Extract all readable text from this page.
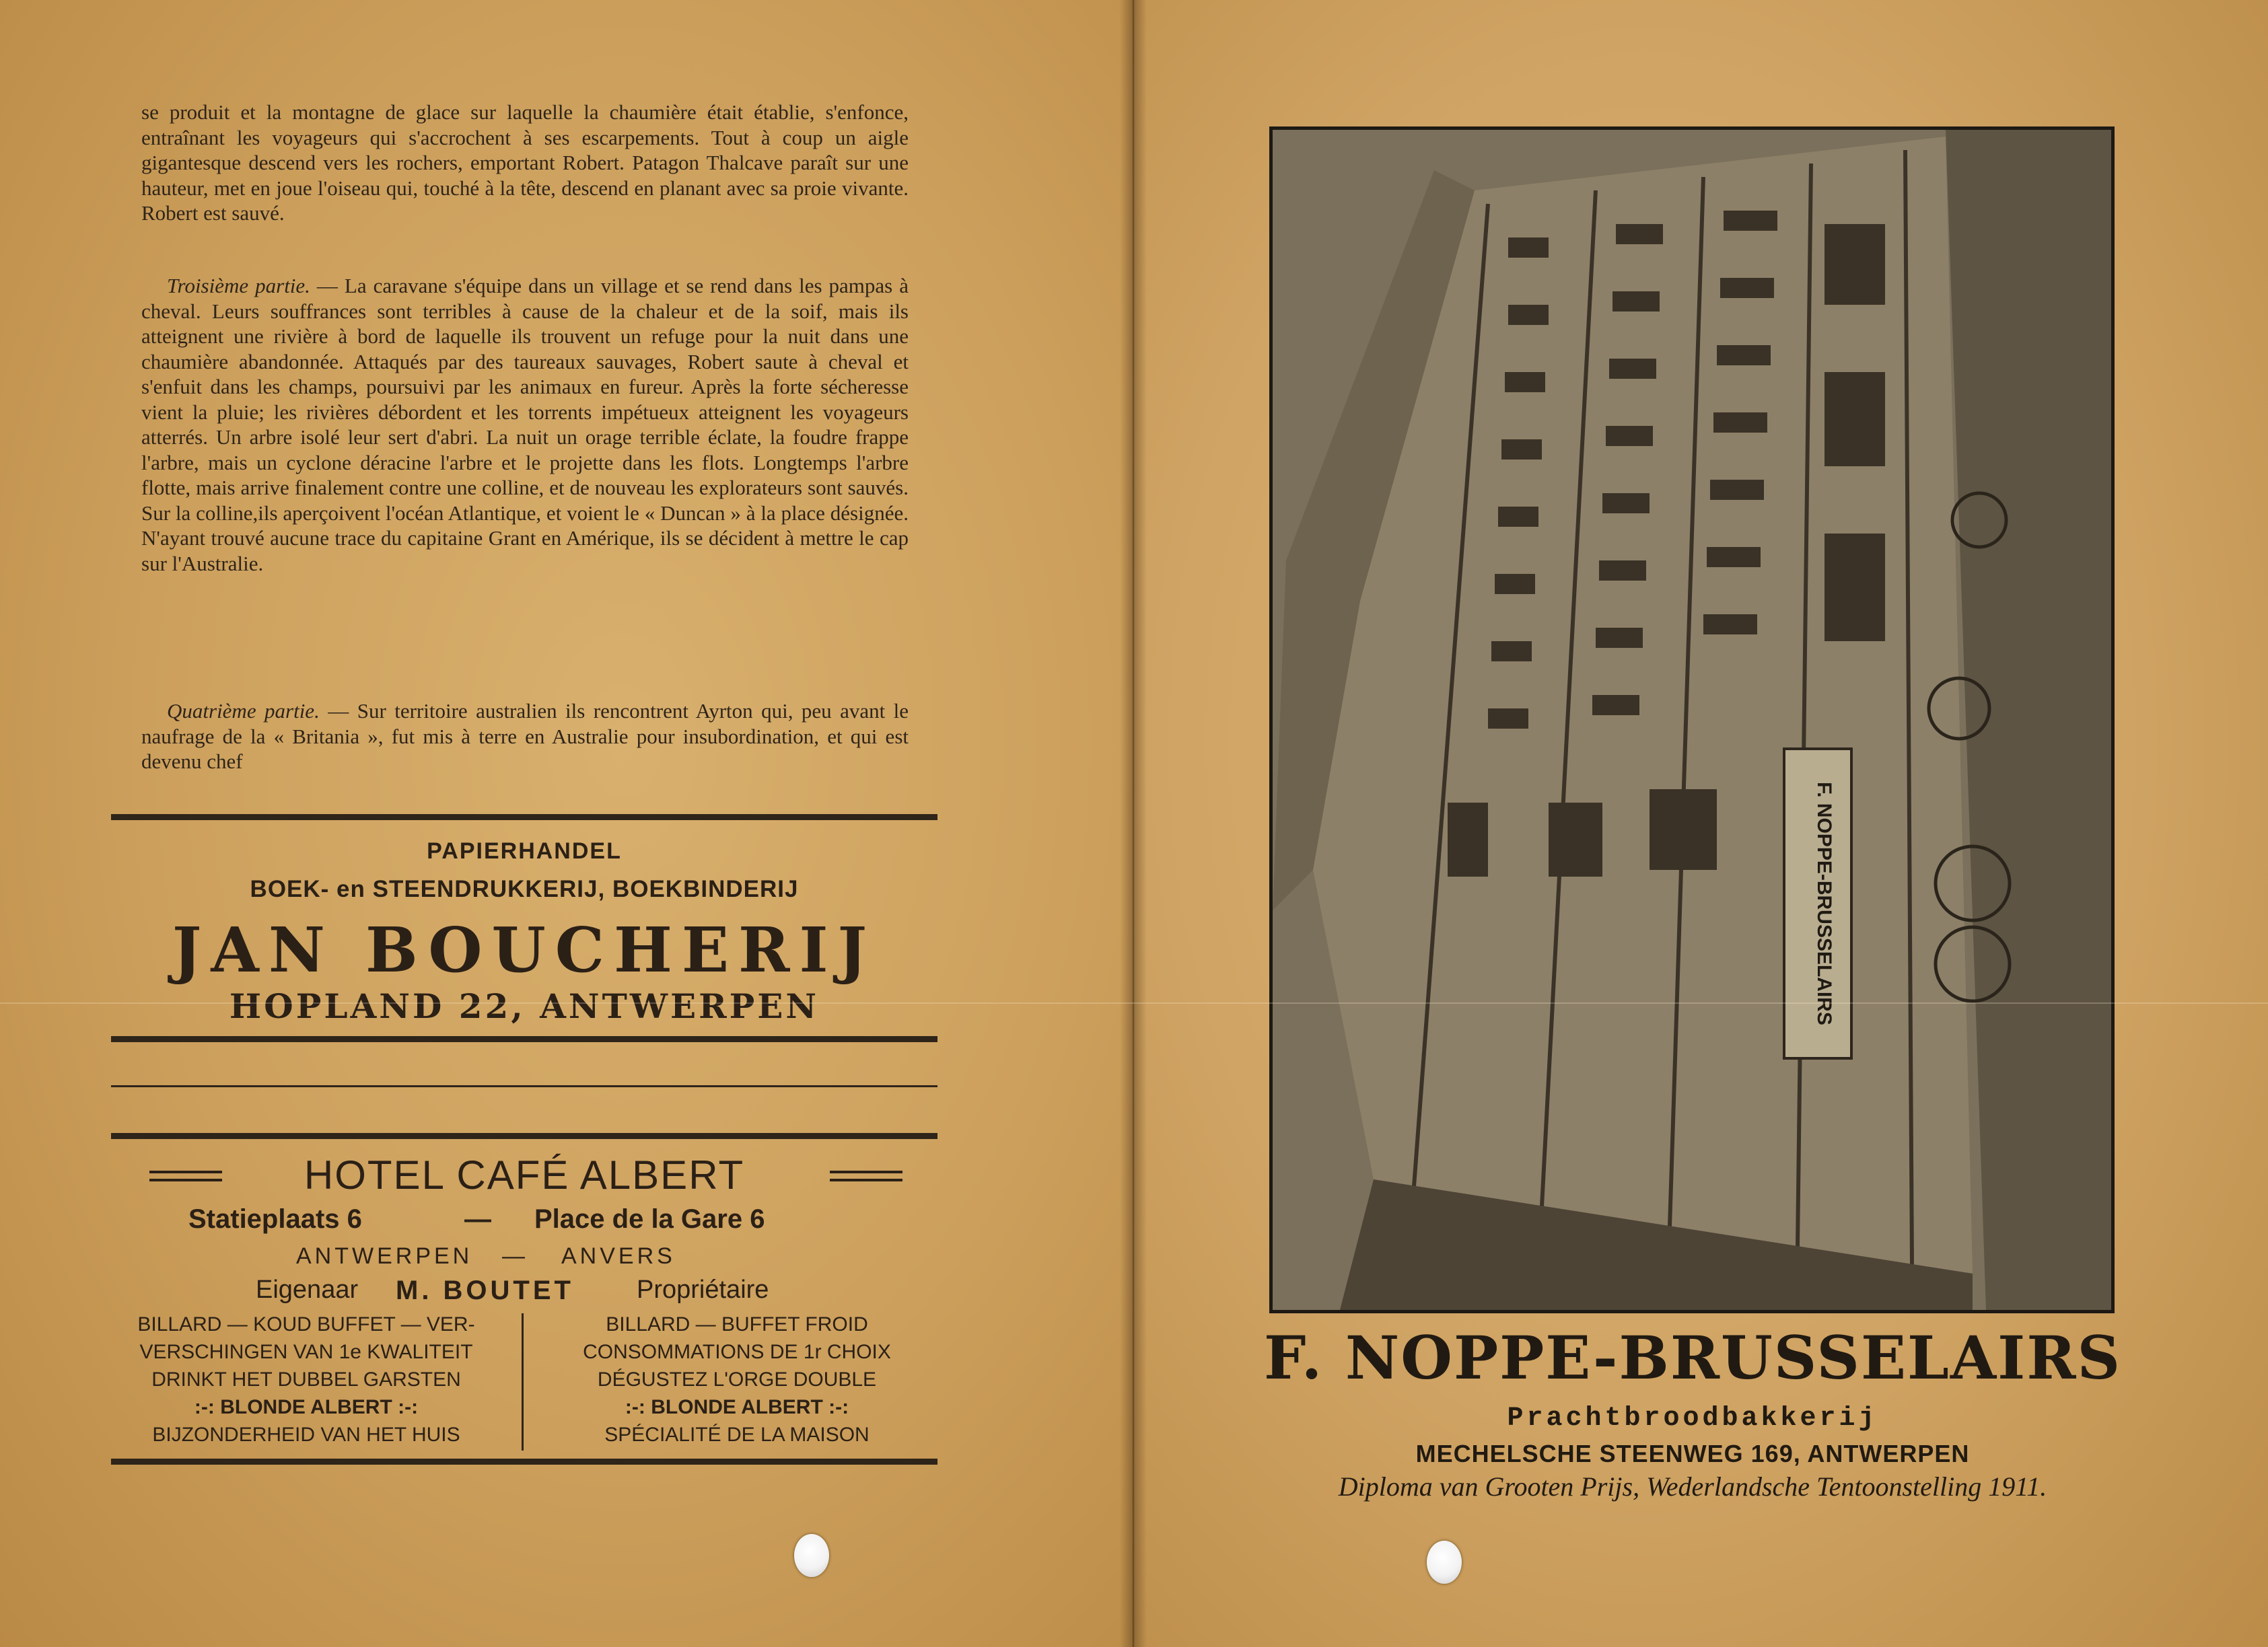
se produit et la montagne de glace sur laquelle la chaumière était établie, s'enfonce, entraînant les voyageurs qui s'accrochent à ses escarpements. Tout à coup un aigle gigantesque descend vers les rochers, emportant Robert. Patagon Thalcave paraît sur une hauteur, met en joue l'oiseau qui, touché à la tête, descend en planant avec sa proie vivante. Robert est sauvé.

Troisième partie. — La caravane s'équipe dans un village et se rend dans les pampas à cheval. Leurs souffrances sont terribles à cause de la chaleur et de la soif, mais ils atteignent une rivière à bord de laquelle ils trouvent un refuge pour la nuit dans une chaumière abandonnée. Attaqués par des taureaux sauvages, Robert saute à cheval et s'enfuit dans les champs, poursuivi par les animaux en fureur. Après la forte sécheresse vient la pluie; les rivières débordent et les torrents impétueux atteignent les voyageurs atterrés. Un arbre isolé leur sert d'abri. La nuit un orage terrible éclate, la foudre frappe l'arbre, mais un cyclone déracine l'arbre et le projette dans les flots. Longtemps l'arbre flotte, mais arrive finalement contre une colline, et de nouveau les explorateurs sont sauvés. Sur la colline,ils aperçoivent l'océan Atlantique, et voient le « Duncan » à la place désignée. N'ayant trouvé aucune trace du capitaine Grant en Amérique, ils se décident à mettre le cap sur l'Australie.

Quatrième partie. — Sur territoire australien ils rencontrent Ayrton qui, peu avant le naufrage de la « Britania », fut mis à terre en Australie pour insubordination, et qui est devenu chef

PAPIERHANDEL
BOEK- en STEENDRUKKERIJ, BOEKBINDERIJ
JAN BOUCHERIJ
HOPLAND 22, ANTWERPEN
HOTEL CAFÉ ALBERT
Statieplaats 6	— Place de la Gare 6
ANTWERPEN — ANVERS
Eigenaar M. BOUTET Propriétaire
BILLARD — KOUD BUFFET — VER-
VERSCHINGEN VAN 1e KWALITEIT
DRINKT HET DUBBEL GARSTEN
:-: BLONDE ALBERT :-:
BIJZONDERHEID VAN HET HUIS
BILLARD — BUFFET FROID
CONSOMMATIONS DE 1r CHOIX
DÉGUSTEZ L'ORGE DOUBLE
:-: BLONDE ALBERT :-:
SPÉCIALITÉ DE LA MAISON
F. NOPPE-BRUSSELAIRS
F. NOPPE-BRUSSELAIRS
Prachtbroodbakkerij
MECHELSCHE STEENWEG 169, ANTWERPEN
Diploma van Grooten Prijs, Wederlandsche Tentoonstelling 1911.
